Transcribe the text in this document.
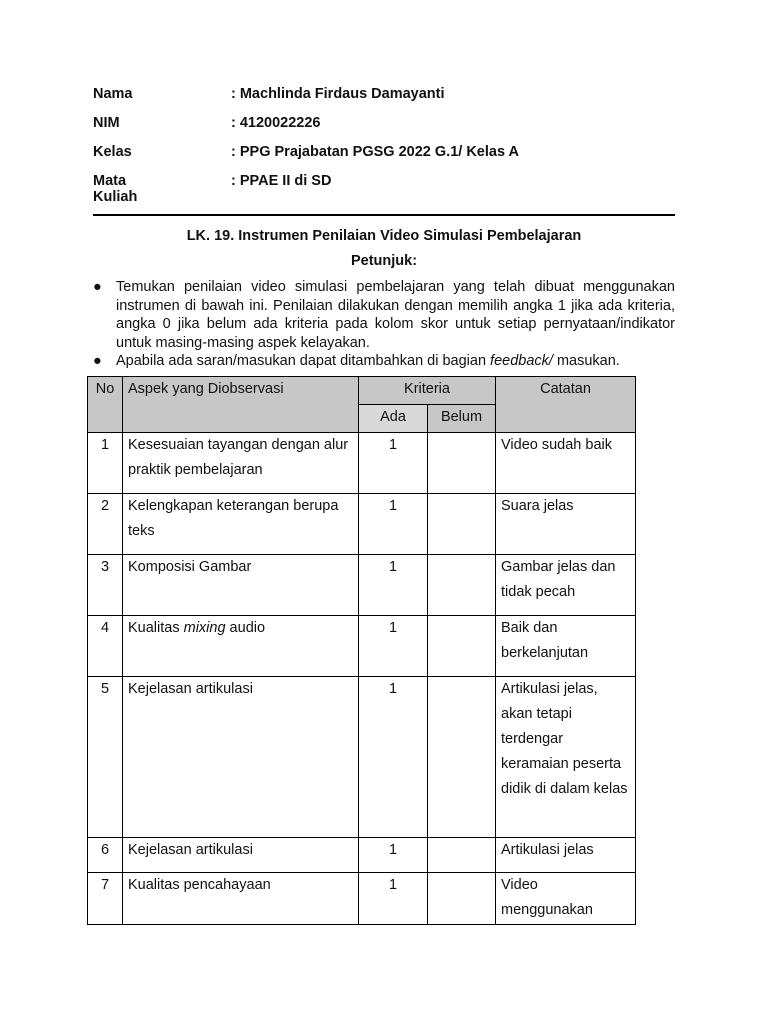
Nama	: Machlinda Firdaus Damayanti
NIM	: 4120022226
Kelas	: PPG Prajabatan PGSG 2022 G.1/ Kelas A
Mata Kuliah
: PPAE II di SD
LK. 19. Instrumen Penilaian Video Simulasi Pembelajaran
Petunjuk:
● Temukan penilaian video simulasi pembelajaran yang telah dibuat menggunakan instrumen di bawah ini. Penilaian dilakukan dengan memilih angka 1 jika ada kriteria, angka 0 jika belum ada kriteria pada kolom skor untuk setiap pernyataan/indikator untuk masing-masing aspek kelayakan.
● Apabila ada saran/masukan dapat ditambahkan di bagian feedback/ masukan.
No	Aspek yang Diobservasi	Kriteria		Catatan
		Ada	Belum	
1	Kesesuaian tayangan dengan alur praktik pembelajaran	1		Video sudah baik
2	Kelengkapan keterangan berupa teks	1		Suara jelas
3	Komposisi Gambar	1		Gambar jelas dan tidak pecah
4	Kualitas mixing audio	1		Baik dan berkelanjutan
5	Kejelasan artikulasi	1		Artikulasi jelas, akan tetapi terdengar keramaian peserta didik di dalam kelas
6	Kejelasan artikulasi	1		Artikulasi jelas
7	Kualitas pencahayaan	1		Video menggunakan
